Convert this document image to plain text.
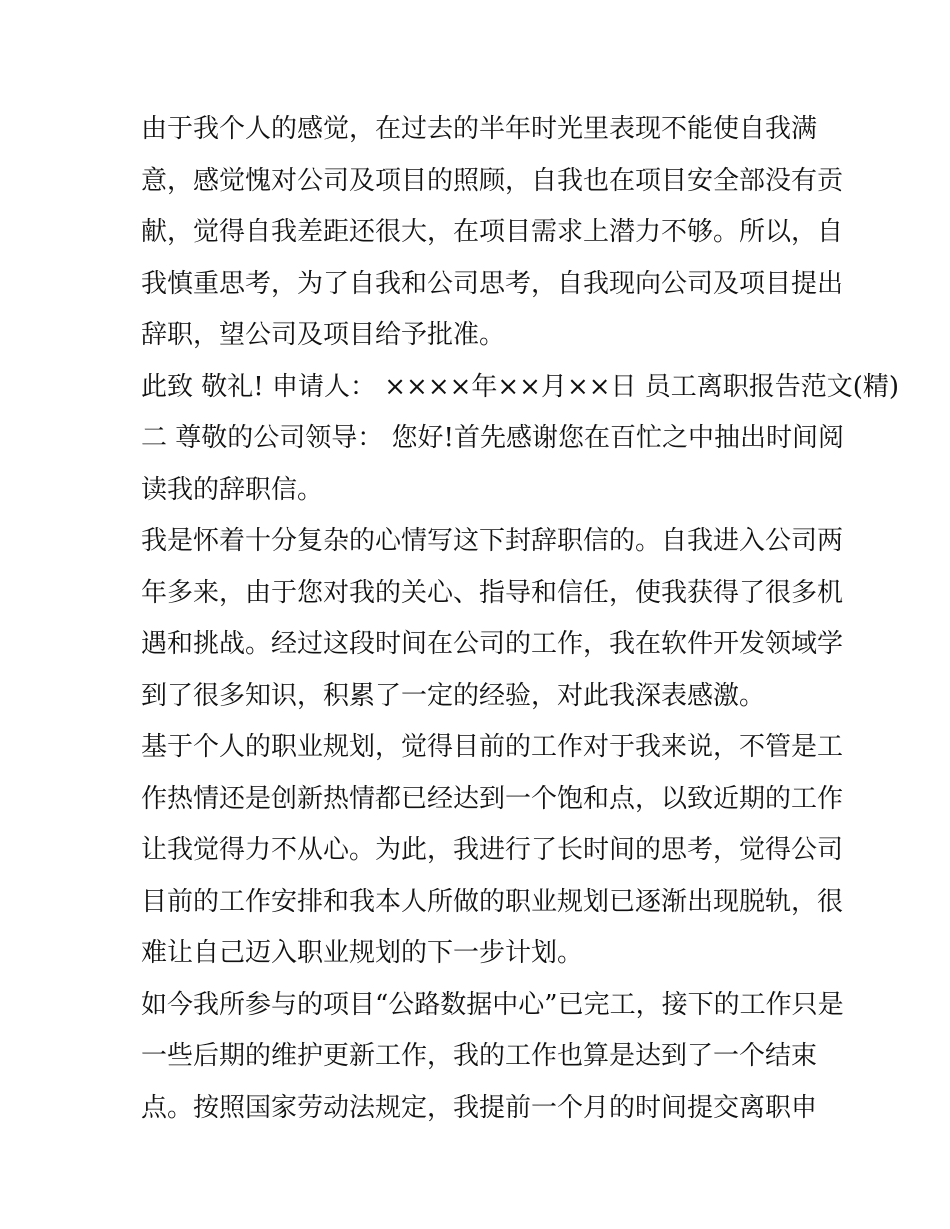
由于我个人的感觉，在过去的半年时光里表现不能使自我满
意，感觉愧对公司及项目的照顾，自我也在项目安全部没有贡
献，觉得自我差距还很大，在项目需求上潜力不够。所以，自
我慎重思考，为了自我和公司思考，自我现向公司及项目提出
辞职，望公司及项目给予批准。
此致 敬礼! 申请人： ××××年××月××日 员工离职报告范文(精)
二 尊敬的公司领导： 您好!首先感谢您在百忙之中抽出时间阅
读我的辞职信。
我是怀着十分复杂的心情写这下封辞职信的。自我进入公司两
年多来，由于您对我的关心、指导和信任，使我获得了很多机
遇和挑战。经过这段时间在公司的工作，我在软件开发领域学
到了很多知识，积累了一定的经验，对此我深表感激。
基于个人的职业规划，觉得目前的工作对于我来说，不管是工
作热情还是创新热情都已经达到一个饱和点，以致近期的工作
让我觉得力不从心。为此，我进行了长时间的思考，觉得公司
目前的工作安排和我本人所做的职业规划已逐渐出现脱轨，很
难让自己迈入职业规划的下一步计划。
如今我所参与的项目“公路数据中心”已完工，接下的工作只是
一些后期的维护更新工作，我的工作也算是达到了一个结束
点。按照国家劳动法规定，我提前一个月的时间提交离职申
